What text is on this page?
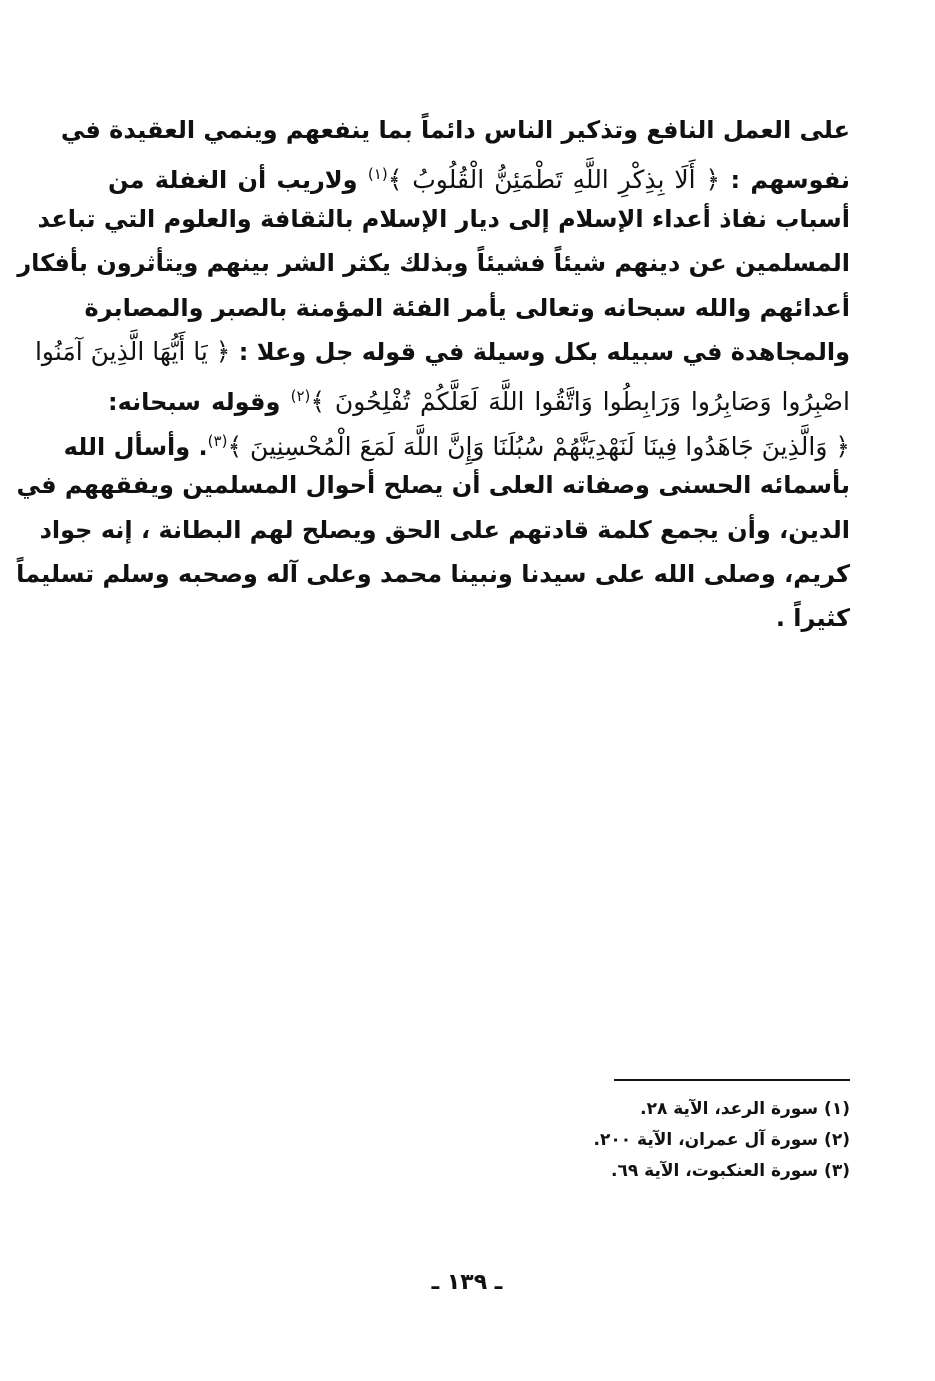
على العمل النافع وتذكير الناس دائماً بما ينفعهم وينمي العقيدة في
نفوسهم : ﴿ أَلَا بِذِكْرِ اللَّهِ تَطْمَئِنُّ الْقُلُوبُ ﴾$^{(١)}$ ولاريب أن الغفلة من
أسباب نفاذ أعداء الإسلام إلى ديار الإسلام بالثقافة والعلوم التي تباعد
المسلمين عن دينهم شيئاً فشيئاً وبذلك يكثر الشر بينهم ويتأثرون بأفكار
أعدائهم والله سبحانه وتعالى يأمر الفئة المؤمنة بالصبر والمصابرة
والمجاهدة في سبيله بكل وسيلة في قوله جل وعلا : ﴿ يَا أَيُّهَا الَّذِينَ آمَنُوا
اصْبِرُوا وَصَابِرُوا وَرَابِطُوا وَاتَّقُوا اللَّهَ لَعَلَّكُمْ تُفْلِحُونَ ﴾$^{(٢)}$ وقوله سبحانه:
﴿ وَالَّذِينَ جَاهَدُوا فِينَا لَنَهْدِيَنَّهُمْ سُبُلَنَا وَإِنَّ اللَّهَ لَمَعَ الْمُحْسِنِينَ ﴾$^{(٣)}$. وأسأل الله
بأسمائه الحسنى وصفاته العلى أن يصلح أحوال المسلمين ويفقههم في
الدين، وأن يجمع كلمة قادتهم على الحق ويصلح لهم البطانة ، إنه جواد
كريم، وصلى الله على سيدنا ونبينا محمد وعلى آله وصحبه وسلم تسليماً
كثيراً .
(١) سورة الرعد، الآية ٢٨.
(٢) سورة آل عمران، الآية ٢٠٠.
(٣) سورة العنكبوت، الآية ٦٩.
ـ ١٣٩ ـ
